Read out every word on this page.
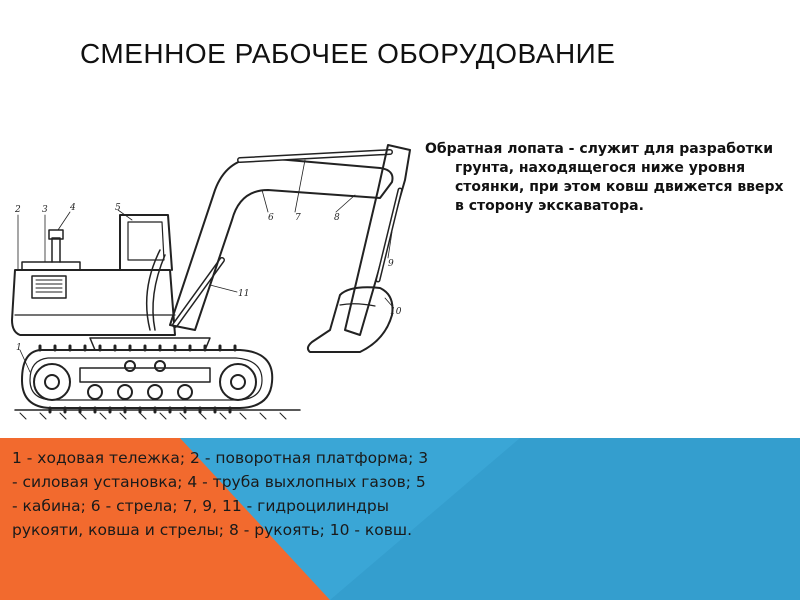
СМЕННОЕ РАБОЧЕЕ ОБОРУДОВАНИЕ
1
2 3 4	5
6 7	8
9
10
11
Обратная лопата - служит для разработки грунта, находящегося ниже уровня стоянки, при этом ковш движется вверх в сторону экскаватора.
1 - ходовая тележка; 2 - поворотная платформа; 3 - силовая установка; 4 - труба выхлопных газов; 5 - кабина; 6 - стрела; 7, 9, 11 - гидроцилиндры рукояти, ковша и стрелы; 8 - рукоять; 10 - ковш.
